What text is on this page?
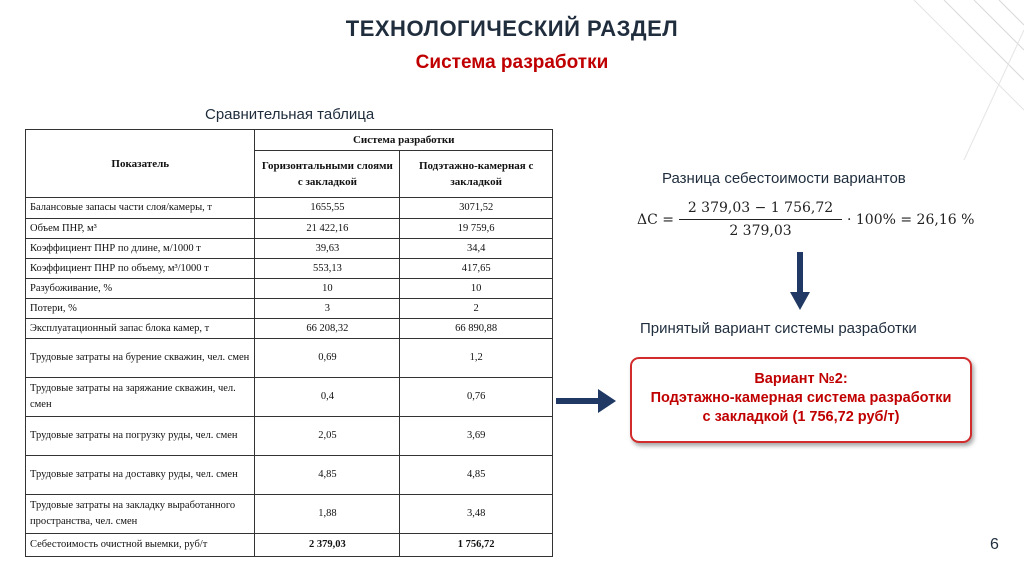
ТЕХНОЛОГИЧЕСКИЙ РАЗДЕЛ
Система разработки
Сравнительная таблица
Показатель	Система разработки	
	Горизонтальными слоями с закладкой	Подэтажно-камерная с закладкой
Балансовые запасы части слоя/камеры, т	1655,55	3071,52
Объем ПНР, м³	21 422,16	19 759,6
Коэффициент ПНР по длине, м/1000 т	39,63	34,4
Коэффициент ПНР по объему, м³/1000 т	553,13	417,65
Разубоживание, %	10	10
Потери, %	3	2
Эксплуатационный запас блока камер, т	66 208,32	66 890,88
Трудовые затраты на бурение скважин, чел. смен	0,69	1,2
Трудовые затраты на заряжание скважин, чел. смен	0,4	0,76
Трудовые затраты на погрузку руды, чел. смен	2,05	3,69
Трудовые затраты на доставку руды, чел. смен	4,85	4,85
Трудовые затраты на закладку выработанного пространства, чел. смен	1,88	3,48
Себестоимость очистной выемки, руб/т	2 379,03	1 756,72
Разница себестоимости вариантов
ΔC =
2 379,03 − 1 756,72
2 379,03
· 100% = 26,16 %
Принятый вариант системы разработки
Вариант №2:
Подэтажно-камерная система разработки
с закладкой (1 756,72 руб/т)
6
